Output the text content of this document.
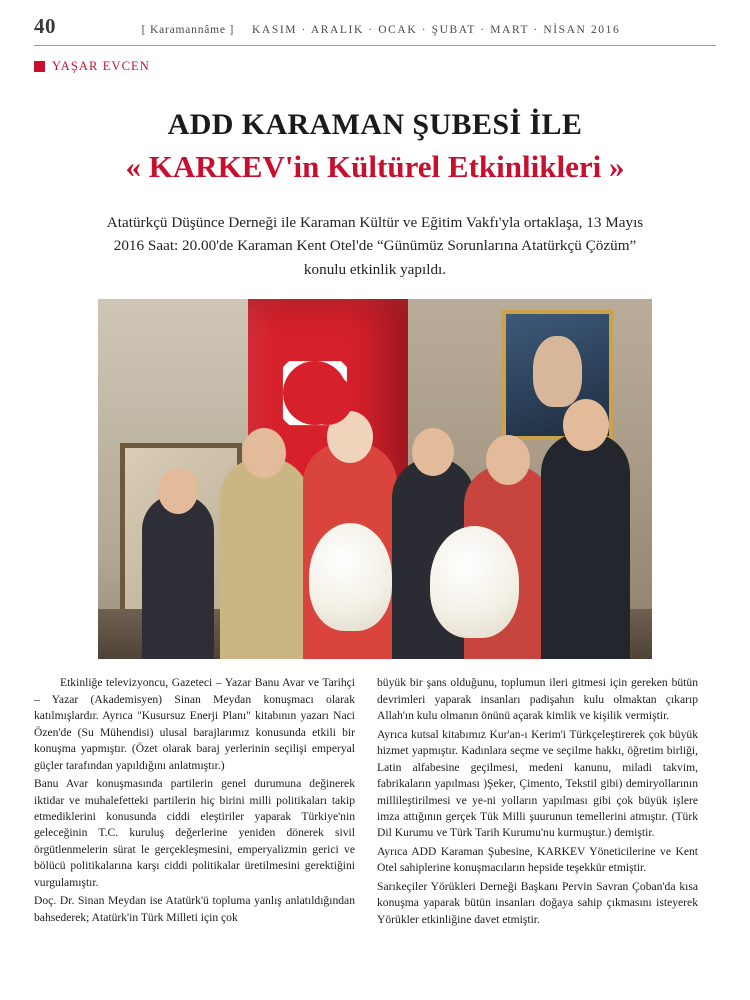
40	[ Karamannâme ] KASIM · ARALIK · OCAK · ŞUBAT · MART · NİSAN 2016
YAŞAR EVCEN
ADD KARAMAN ŞUBESİ İLE
« KARKEV'in Kültürel Etkinlikleri »
Atatürkçü Düşünce Derneği ile Karaman Kültür ve Eğitim Vakfı'yla ortaklaşa, 13 Mayıs 2016 Saat: 20.00'de Karaman Kent Otel'de “Günümüz Sorunlarına Atatürkçü Çözüm” konulu etkinlik yapıldı.

Etkinliğe televizyoncu, Gazeteci – Yazar Banu Avar ve Tarihçi – Yazar (Akademisyen) Sinan Meydan konuşmacı olarak katılmışlardır. Ayrıca "Kusursuz Enerji Planı" kitabının yazarı Naci Özen'de (Su Mühendisi) ulusal barajlarımız konusunda etkili bir konuşma yapmıştır. (Özet olarak baraj yerlerinin seçilişi emperyal güçler tarafından yapıldığını anlatmıştır.)

Banu Avar konuşmasında partilerin genel durumuna değinerek iktidar ve muhalefetteki partilerin hiç birini milli politikaları takip etmediklerini konusunda ciddi eleştiriler yaparak Türkiye'nin geleceğinin T.C. kuruluş değerlerine yeniden dönerek sivil örgütlenmelerin sürat le gerçekleşmesini, emperyalizmin gerici ve bölücü politikalarına karşı ciddi politikalar üretilmesini gerektiğini vurgulamıştır.

Doç. Dr. Sinan Meydan ise Atatürk'ü topluma yanlış anlatıldığından bahsederek; Atatürk'in Türk Milleti için çok

büyük bir şans olduğunu, toplumun ileri gitmesi için gereken bütün devrimleri yaparak insanları padişahın kulu olmaktan çıkarıp Allah'ın kulu olmanın önünü açarak kimlik ve kişilik vermiştir.

Ayrıca kutsal kitabımız Kur'an-ı Kerim'i Türkçeleştirerek çok büyük hizmet yapmıştır. Kadınlara seçme ve seçilme hakkı, öğretim birliği, Latin alfabesine geçilmesi, medeni kanunu, miladi takvim, fabrikaların yapılması )Şeker, Çimento, Tekstil gibi) demiryollarının millileştirilmesi ve ye-ni yolların yapılması gibi çok büyük işlere imza attığının gerçek Tük Milli şuurunun temellerini atmıştır. (Türk Dil Kurumu ve Türk Tarih Kurumu'nu kurmuştur.) demiştir.

Ayrıca ADD Karaman Şubesine, KARKEV Yöneticilerine ve Kent Otel sahiplerine konuşmacıların hepside teşekkür etmiştir.

Sarıkeçiler Yörükleri Derneği Başkanı Pervin Savran Çoban'da kısa konuşma yaparak bütün insanları doğaya sahip çıkmasını isteyerek Yörükler etkinliğine davet etmiştir.
